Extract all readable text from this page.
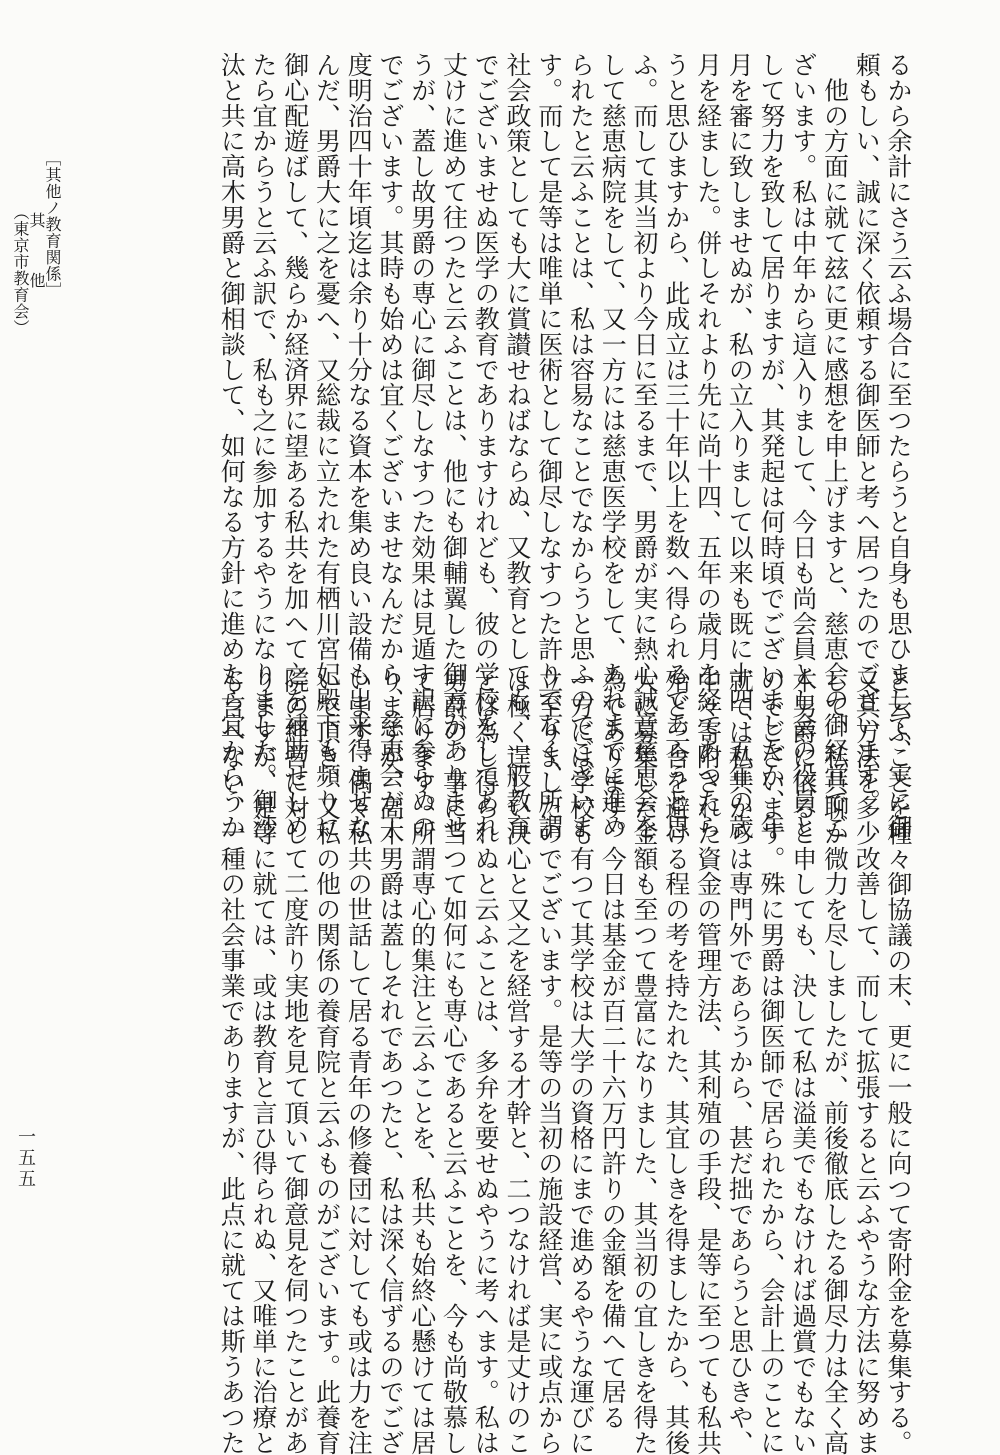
るから余計にさう云ふ場合に至つたらうと自身も思ひまして、実に御

頼もしい、誠に深く依頼する御医師と考へ居つたのでございます。

　他の方面に就て玆に更に感想を申上げますと、慈恵会の御経営でご

ざいます。私は中年から這入りまして、今日も尚会員とし会の役員と

して努力を致して居りますが、其発起は何時頃でございましたか、年

月を審に致しませぬが、私の立入りまして以来も既に十四、五年の歳

月を経ました。併しそれより先に尚十四、五年の歳月を経てあつたら

うと思ひますから、此成立は三十年以上を数へ得られるであらうと思

ふ。而して其当初より今日に至るまで、男爵が実に熱心誠意慈恵会を

して慈恵病院をして、又一方には慈恵医学校をして、あれまでに進め

られたと云ふことは、私は容易なことでなからうと思ふのでございま

す。而して是等は唯単に医術として御尽しなすつた許りでなく、所謂

社会政策としても大に賞讃せねばならぬ、又教育としても、一般教育

でございませぬ医学の教育でありますけれども、彼の学校をしてあれ

丈けに進めて往つたと云ふことは、他にも御輔翼した御方がありませ

うが、蓋し故男爵の専心に御尽しなすつた効果は見遁す訳に参らぬの

でございます。其時も始めは宜くございませなんだから、慈恵会が丁

度明治四十年頃迄は余り十分なる資本を集め良い設備も出来得ませな

んだ、男爵大に之を憂へ、又総裁に立たれた有栖川宮妃殿下も頻りに

御心配遊ばして、幾らか経済界に望ある私共を加へて之を補助せしめ

たら宜からうと云ふ訳で、私も之に参加するやうになりました。御沙

汰と共に高木男爵と御相談して、如何なる方針に進めたら宜からうか

と云ふことを種々御協議の末、更に一般に向つて寄附金を募集する。

又其方法を多少改善して、而して拡張すると云ふやうな方法に努めま

して、私共聊か微力を尽しましたが、前後徹底したる御尽力は全く高

木男爵に依ると申しても、決して私は溢美でもなければ過賞でもない

のでございます。殊に男爵は御医師で居られたから、会計上のことに

就ては私共からは専門外であらうから、甚だ拙であらうと思ひきや、

中々寄附された資金の管理方法、其利殖の手段、是等に至つても私共

殆ど三舎を避ける程の考を持たれた、其宜しきを得ましたから、其後

大に募集した金額も至つて豊富になりました、其当初の宜しきを得た

為であります。今日は基金が百二十六万円許りの金額を備へて居る

一方には学校も有つて其学校は大学の資格にまで進めるやうな運びに

立至りましたのでございます。是等の当初の施設経営、実に或点から

は極く逞しい決心と又之を経営する才幹と、二つなければ是丈けのこ

とは為し得られぬと云ふことは、多弁を要せぬやうに考へます。私は

男爵の、事に当つて如何にも専心であると云ふことを、今も尚敬慕し

て居ります。所謂専心的集注と云ふことを、私共も始終心懸けては居

りますが、高木男爵は蓋しそれであつたと、私は深く信ずるのでござ

います。偶々私共の世話して居る青年の修養団に対しても或は力を注

いで頂き、又私の他の関係の養育院と云ふものがございます。此養育

院の経営に対して二度許り実地を見て頂いて御意見を伺つたことがあ

りますが、是等に就ては、或は教育と言ひ得られぬ、又唯単に治療と

も言へない、一種の社会事業でありますが、此点に就ては斯うあつた

［其他ノ教育関係］
其　他
（東京市教育会）
一五五
